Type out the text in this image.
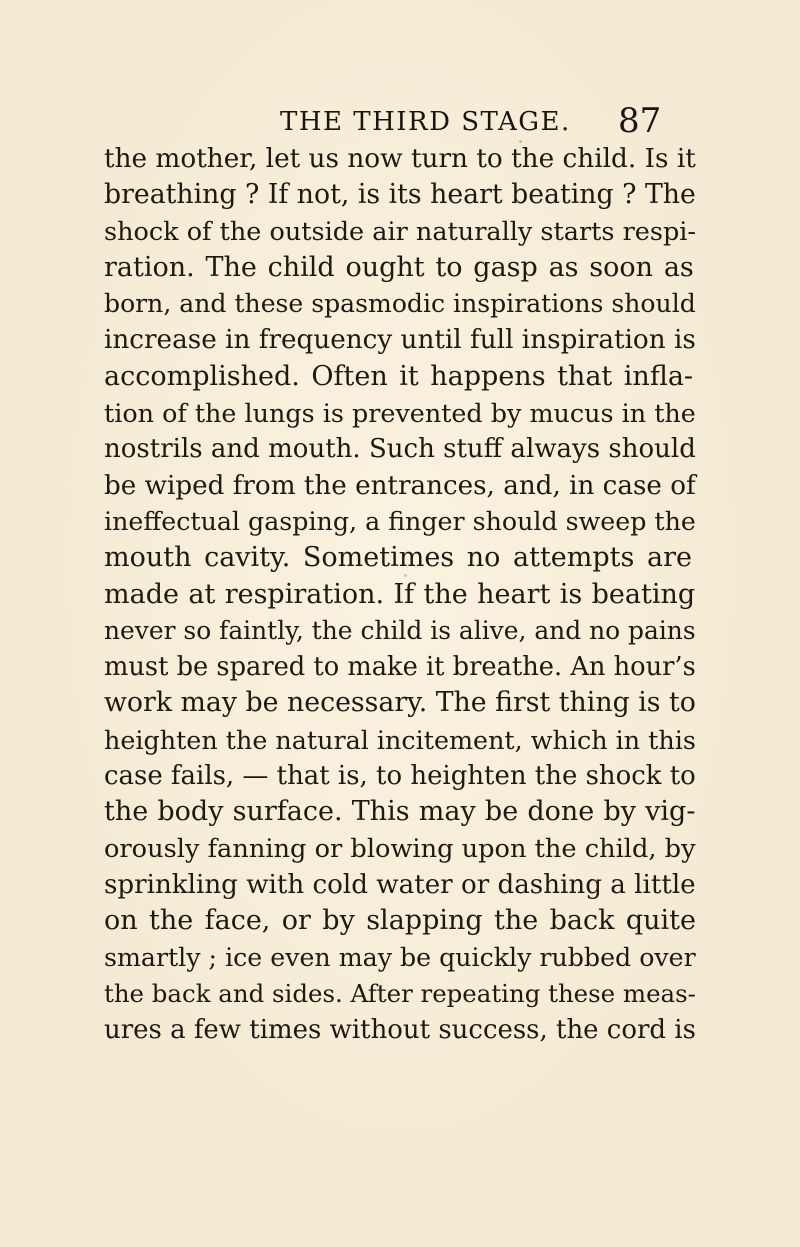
THE THIRD STAGE. 87
the mother, let us now turn to the child. Is it
breathing ? If not, is its heart beating ? The
shock of the outside air naturally starts respi-
ration. The child ought to gasp as soon as
born, and these spasmodic inspirations should
increase in frequency until full inspiration is
accomplished. Often it happens that infla-
tion of the lungs is prevented by mucus in the
nostrils and mouth. Such stuff always should
be wiped from the entrances, and, in case of
ineffectual gasping, a finger should sweep the
mouth cavity. Sometimes no attempts are
made at respiration. If the heart is beating
never so faintly, the child is alive, and no pains
must be spared to make it breathe. An hour’s
work may be necessary. The first thing is to
heighten the natural incitement, which in this
case fails, — that is, to heighten the shock to
the body surface. This may be done by vig-
orously fanning or blowing upon the child, by
sprinkling with cold water or dashing a little
on the face, or by slapping the back quite
smartly ; ice even may be quickly rubbed over
the back and sides. After repeating these meas-
ures a few times without success, the cord is
